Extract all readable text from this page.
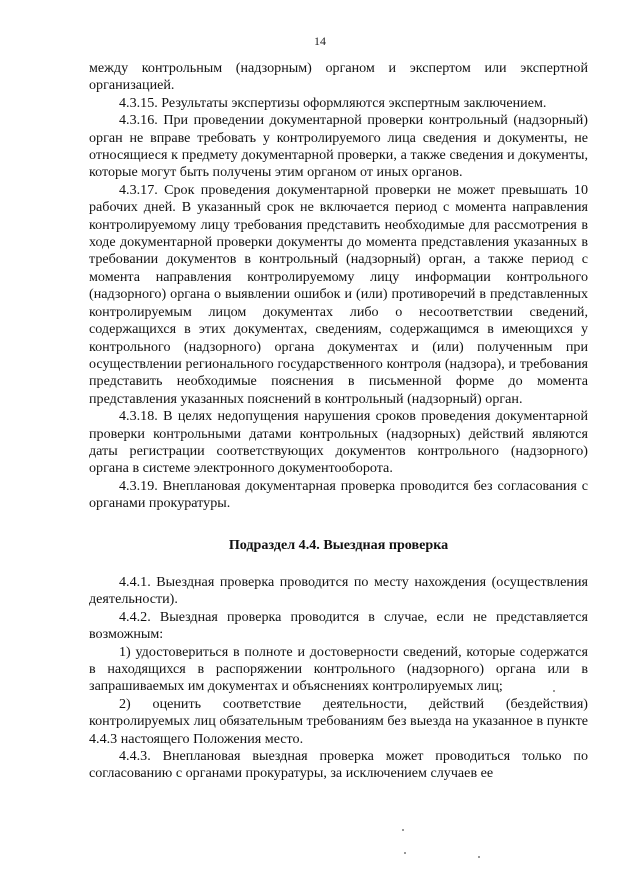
14

между контрольным (надзорным) органом и экспертом или экспертной организацией.

4.3.15. Результаты экспертизы оформляются экспертным заключением.

4.3.16. При проведении документарной проверки контрольный (надзорный) орган не вправе требовать у контролируемого лица сведения и документы, не относящиеся к предмету документарной проверки, а также сведения и документы, которые могут быть получены этим органом от иных органов.

4.3.17. Срок проведения документарной проверки не может превышать 10 рабочих дней. В указанный срок не включается период с момента направления контролируемому лицу требования представить необходимые для рассмотрения в ходе документарной проверки документы до момента представления указанных в требовании документов в контрольный (надзорный) орган, а также период с момента направления контролируемому лицу информации контрольного (надзорного) органа о выявлении ошибок и (или) противоречий в представленных контролируемым лицом документах либо о несоответствии сведений, содержащихся в этих документах, сведениям, содержащимся в имеющихся у контрольного (надзорного) органа документах и (или) полученным при осуществлении регионального государственного контроля (надзора), и требования представить необходимые пояснения в письменной форме до момента представления указанных пояснений в контрольный (надзорный) орган.

4.3.18. В целях недопущения нарушения сроков проведения документарной проверки контрольными датами контрольных (надзорных) действий являются даты регистрации соответствующих документов контрольного (надзорного) органа в системе электронного документооборота.

4.3.19. Внеплановая документарная проверка проводится без согласования с органами прокуратуры.

Подраздел 4.4. Выездная проверка

4.4.1. Выездная проверка проводится по месту нахождения (осуществления деятельности).

4.4.2. Выездная проверка проводится в случае, если не представляется возможным:

1) удостовериться в полноте и достоверности сведений, которые содержатся в находящихся в распоряжении контрольного (надзорного) органа или в запрашиваемых им документах и объяснениях контролируемых лиц;

2) оценить соответствие деятельности, действий (бездействия) контролируемых лиц обязательным требованиям без выезда на указанное в пункте 4.4.3 настоящего Положения место.

4.4.3. Внеплановая выездная проверка может проводиться только по согласованию с органами прокуратуры, за исключением случаев ее
